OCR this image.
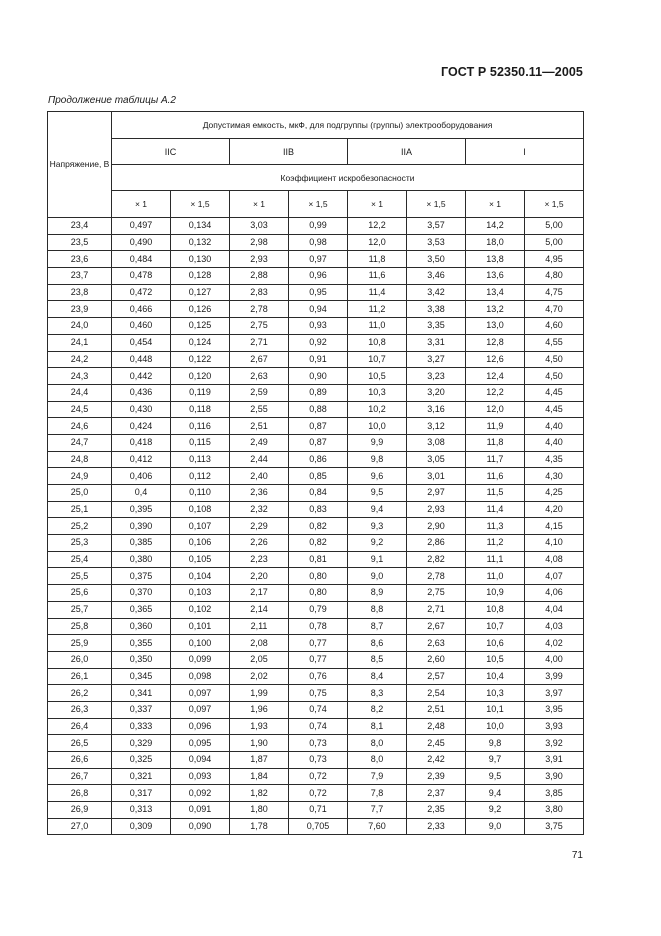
ГОСТ Р 52350.11—2005
Продолжение таблицы А.2
Напряжение, В	Допустимая емкость, мкФ, для подгруппы (группы) электрооборудования							
	IIC		IIB		IIA		I	
	Коэффициент искробезопасности							
	× 1	× 1,5	× 1	× 1,5	× 1	× 1,5	× 1	× 1,5
23,4	0,497	0,134	3,03	0,99	12,2	3,57	14,2	5,00
23,5	0,490	0,132	2,98	0,98	12,0	3,53	18,0	5,00
23,6	0,484	0,130	2,93	0,97	11,8	3,50	13,8	4,95
23,7	0,478	0,128	2,88	0,96	11,6	3,46	13,6	4,80
23,8	0,472	0,127	2,83	0,95	11,4	3,42	13,4	4,75
23,9	0,466	0,126	2,78	0,94	11,2	3,38	13,2	4,70
24,0	0,460	0,125	2,75	0,93	11,0	3,35	13,0	4,60
24,1	0,454	0,124	2,71	0,92	10,8	3,31	12,8	4,55
24,2	0,448	0,122	2,67	0,91	10,7	3,27	12,6	4,50
24,3	0,442	0,120	2,63	0,90	10,5	3,23	12,4	4,50
24,4	0,436	0,119	2,59	0,89	10,3	3,20	12,2	4,45
24,5	0,430	0,118	2,55	0,88	10,2	3,16	12,0	4,45
24,6	0,424	0,116	2,51	0,87	10,0	3,12	11,9	4,40
24,7	0,418	0,115	2,49	0,87	9,9	3,08	11,8	4,40
24,8	0,412	0,113	2,44	0,86	9,8	3,05	11,7	4,35
24,9	0,406	0,112	2,40	0,85	9,6	3,01	11,6	4,30
25,0	0,4	0,110	2,36	0,84	9,5	2,97	11,5	4,25
25,1	0,395	0,108	2,32	0,83	9,4	2,93	11,4	4,20
25,2	0,390	0,107	2,29	0,82	9,3	2,90	11,3	4,15
25,3	0,385	0,106	2,26	0,82	9,2	2,86	11,2	4,10
25,4	0,380	0,105	2,23	0,81	9,1	2,82	11,1	4,08
25,5	0,375	0,104	2,20	0,80	9,0	2,78	11,0	4,07
25,6	0,370	0,103	2,17	0,80	8,9	2,75	10,9	4,06
25,7	0,365	0,102	2,14	0,79	8,8	2,71	10,8	4,04
25,8	0,360	0,101	2,11	0,78	8,7	2,67	10,7	4,03
25,9	0,355	0,100	2,08	0,77	8,6	2,63	10,6	4,02
26,0	0,350	0,099	2,05	0,77	8,5	2,60	10,5	4,00
26,1	0,345	0,098	2,02	0,76	8,4	2,57	10,4	3,99
26,2	0,341	0,097	1,99	0,75	8,3	2,54	10,3	3,97
26,3	0,337	0,097	1,96	0,74	8,2	2,51	10,1	3,95
26,4	0,333	0,096	1,93	0,74	8,1	2,48	10,0	3,93
26,5	0,329	0,095	1,90	0,73	8,0	2,45	9,8	3,92
26,6	0,325	0,094	1,87	0,73	8,0	2,42	9,7	3,91
26,7	0,321	0,093	1,84	0,72	7,9	2,39	9,5	3,90
26,8	0,317	0,092	1,82	0,72	7,8	2,37	9,4	3,85
26,9	0,313	0,091	1,80	0,71	7,7	2,35	9,2	3,80
27,0	0,309	0,090	1,78	0,705	7,60	2,33	9,0	3,75
71
